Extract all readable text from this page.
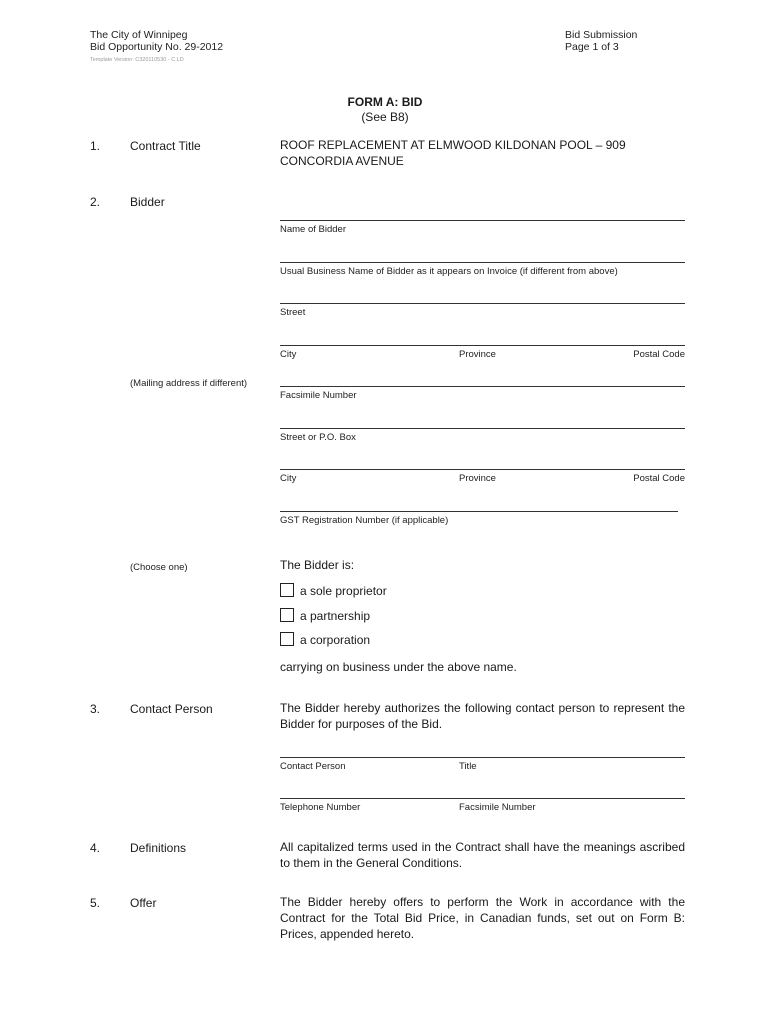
The City of Winnipeg
Bid Opportunity No. 29-2012
Template Version: C320110530 - C LD
Bid Submission
Page 1 of 3
FORM A: BID
(See B8)
1. Contract Title	ROOF REPLACEMENT AT ELMWOOD KILDONAN POOL – 909
CONCORDIA AVENUE
2. Bidder
Name of Bidder
Usual Business Name of Bidder as it appears on Invoice (if different from above)
Street
City	Province	Postal Code
(Mailing address if different)
Facsimile Number
Street or P.O. Box
City	Province	Postal Code
GST Registration Number (if applicable)
(Choose one)	The Bidder is:
a sole proprietor
a partnership
a corporation
carrying on business under the above name.
3. Contact Person	The Bidder hereby authorizes the following contact person to represent the Bidder for purposes of the Bid.
Contact Person	Title
Telephone Number	Facsimile Number
4. Definitions	All capitalized terms used in the Contract shall have the meanings ascribed to them in the General Conditions.
5. Offer	The Bidder hereby offers to perform the Work in accordance with the Contract for the Total Bid Price, in Canadian funds, set out on Form B: Prices, appended hereto.
